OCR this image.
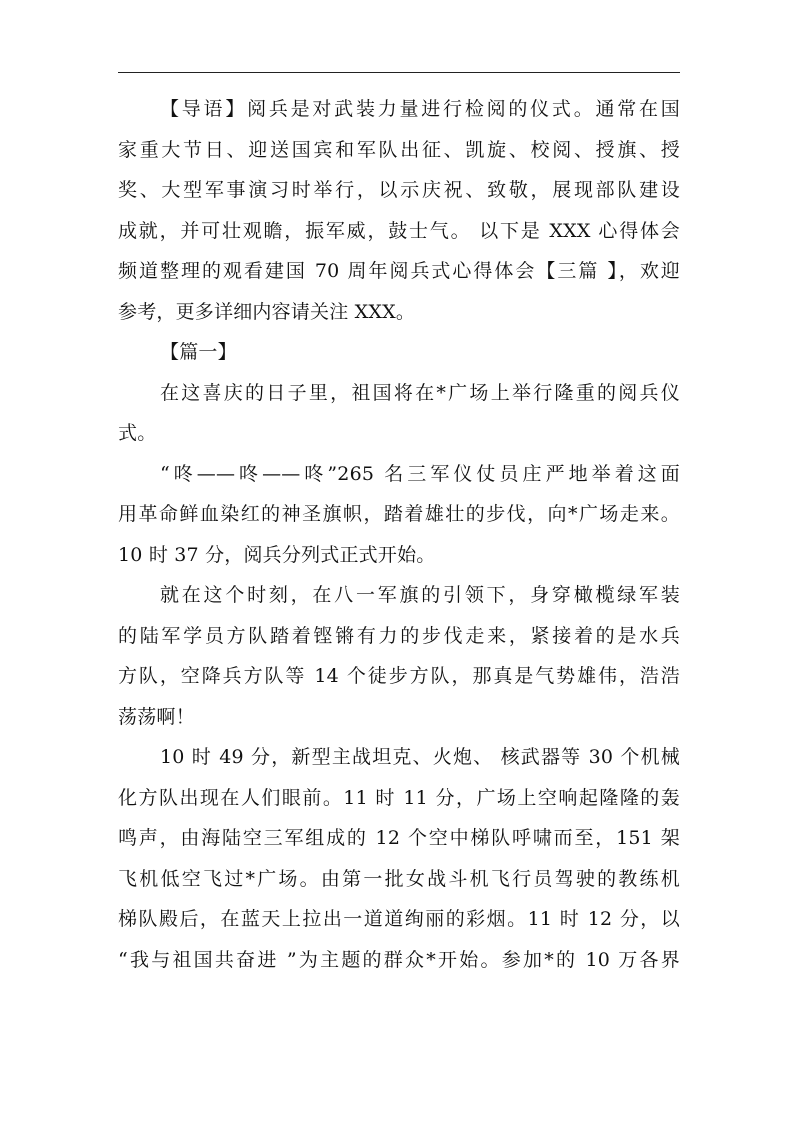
【导语】阅兵是对武装力量进行检阅的仪式。通常在国
家重大节日、迎送国宾和军队出征、凯旋、校阅、授旗、授
奖、大型军事演习时举行，以示庆祝、致敬，展现部队建设
成就，并可壮观瞻，振军威，鼓士气。 以下是 XXX 心得体会
频道整理的观看建国 70 周年阅兵式心得体会【三篇 】，欢迎
参考，更多详细内容请关注 XXX。
【篇一】
在这喜庆的日子里，祖国将在*广场上举行隆重的阅兵仪
式。
“咚——咚——咚”265 名三军仪仗员庄严地举着这面
用革命鲜血染红的神圣旗帜，踏着雄壮的步伐，向*广场走来。
10 时 37 分，阅兵分列式正式开始。
就在这个时刻，在八一军旗的引领下，身穿橄榄绿军装
的陆军学员方队踏着铿锵有力的步伐走来，紧接着的是水兵
方队，空降兵方队等 14 个徒步方队，那真是气势雄伟，浩浩
荡荡啊！
10 时 49 分，新型主战坦克、火炮、 核武器等 30 个机械
化方队出现在人们眼前。11 时 11 分，广场上空响起隆隆的轰
鸣声，由海陆空三军组成的 12 个空中梯队呼啸而至，151 架
飞机低空飞过*广场。由第一批女战斗机飞行员驾驶的教练机
梯队殿后，在蓝天上拉出一道道绚丽的彩烟。11 时 12 分，以
“我与祖国共奋进 ”为主题的群众*开始。参加*的 10 万各界
